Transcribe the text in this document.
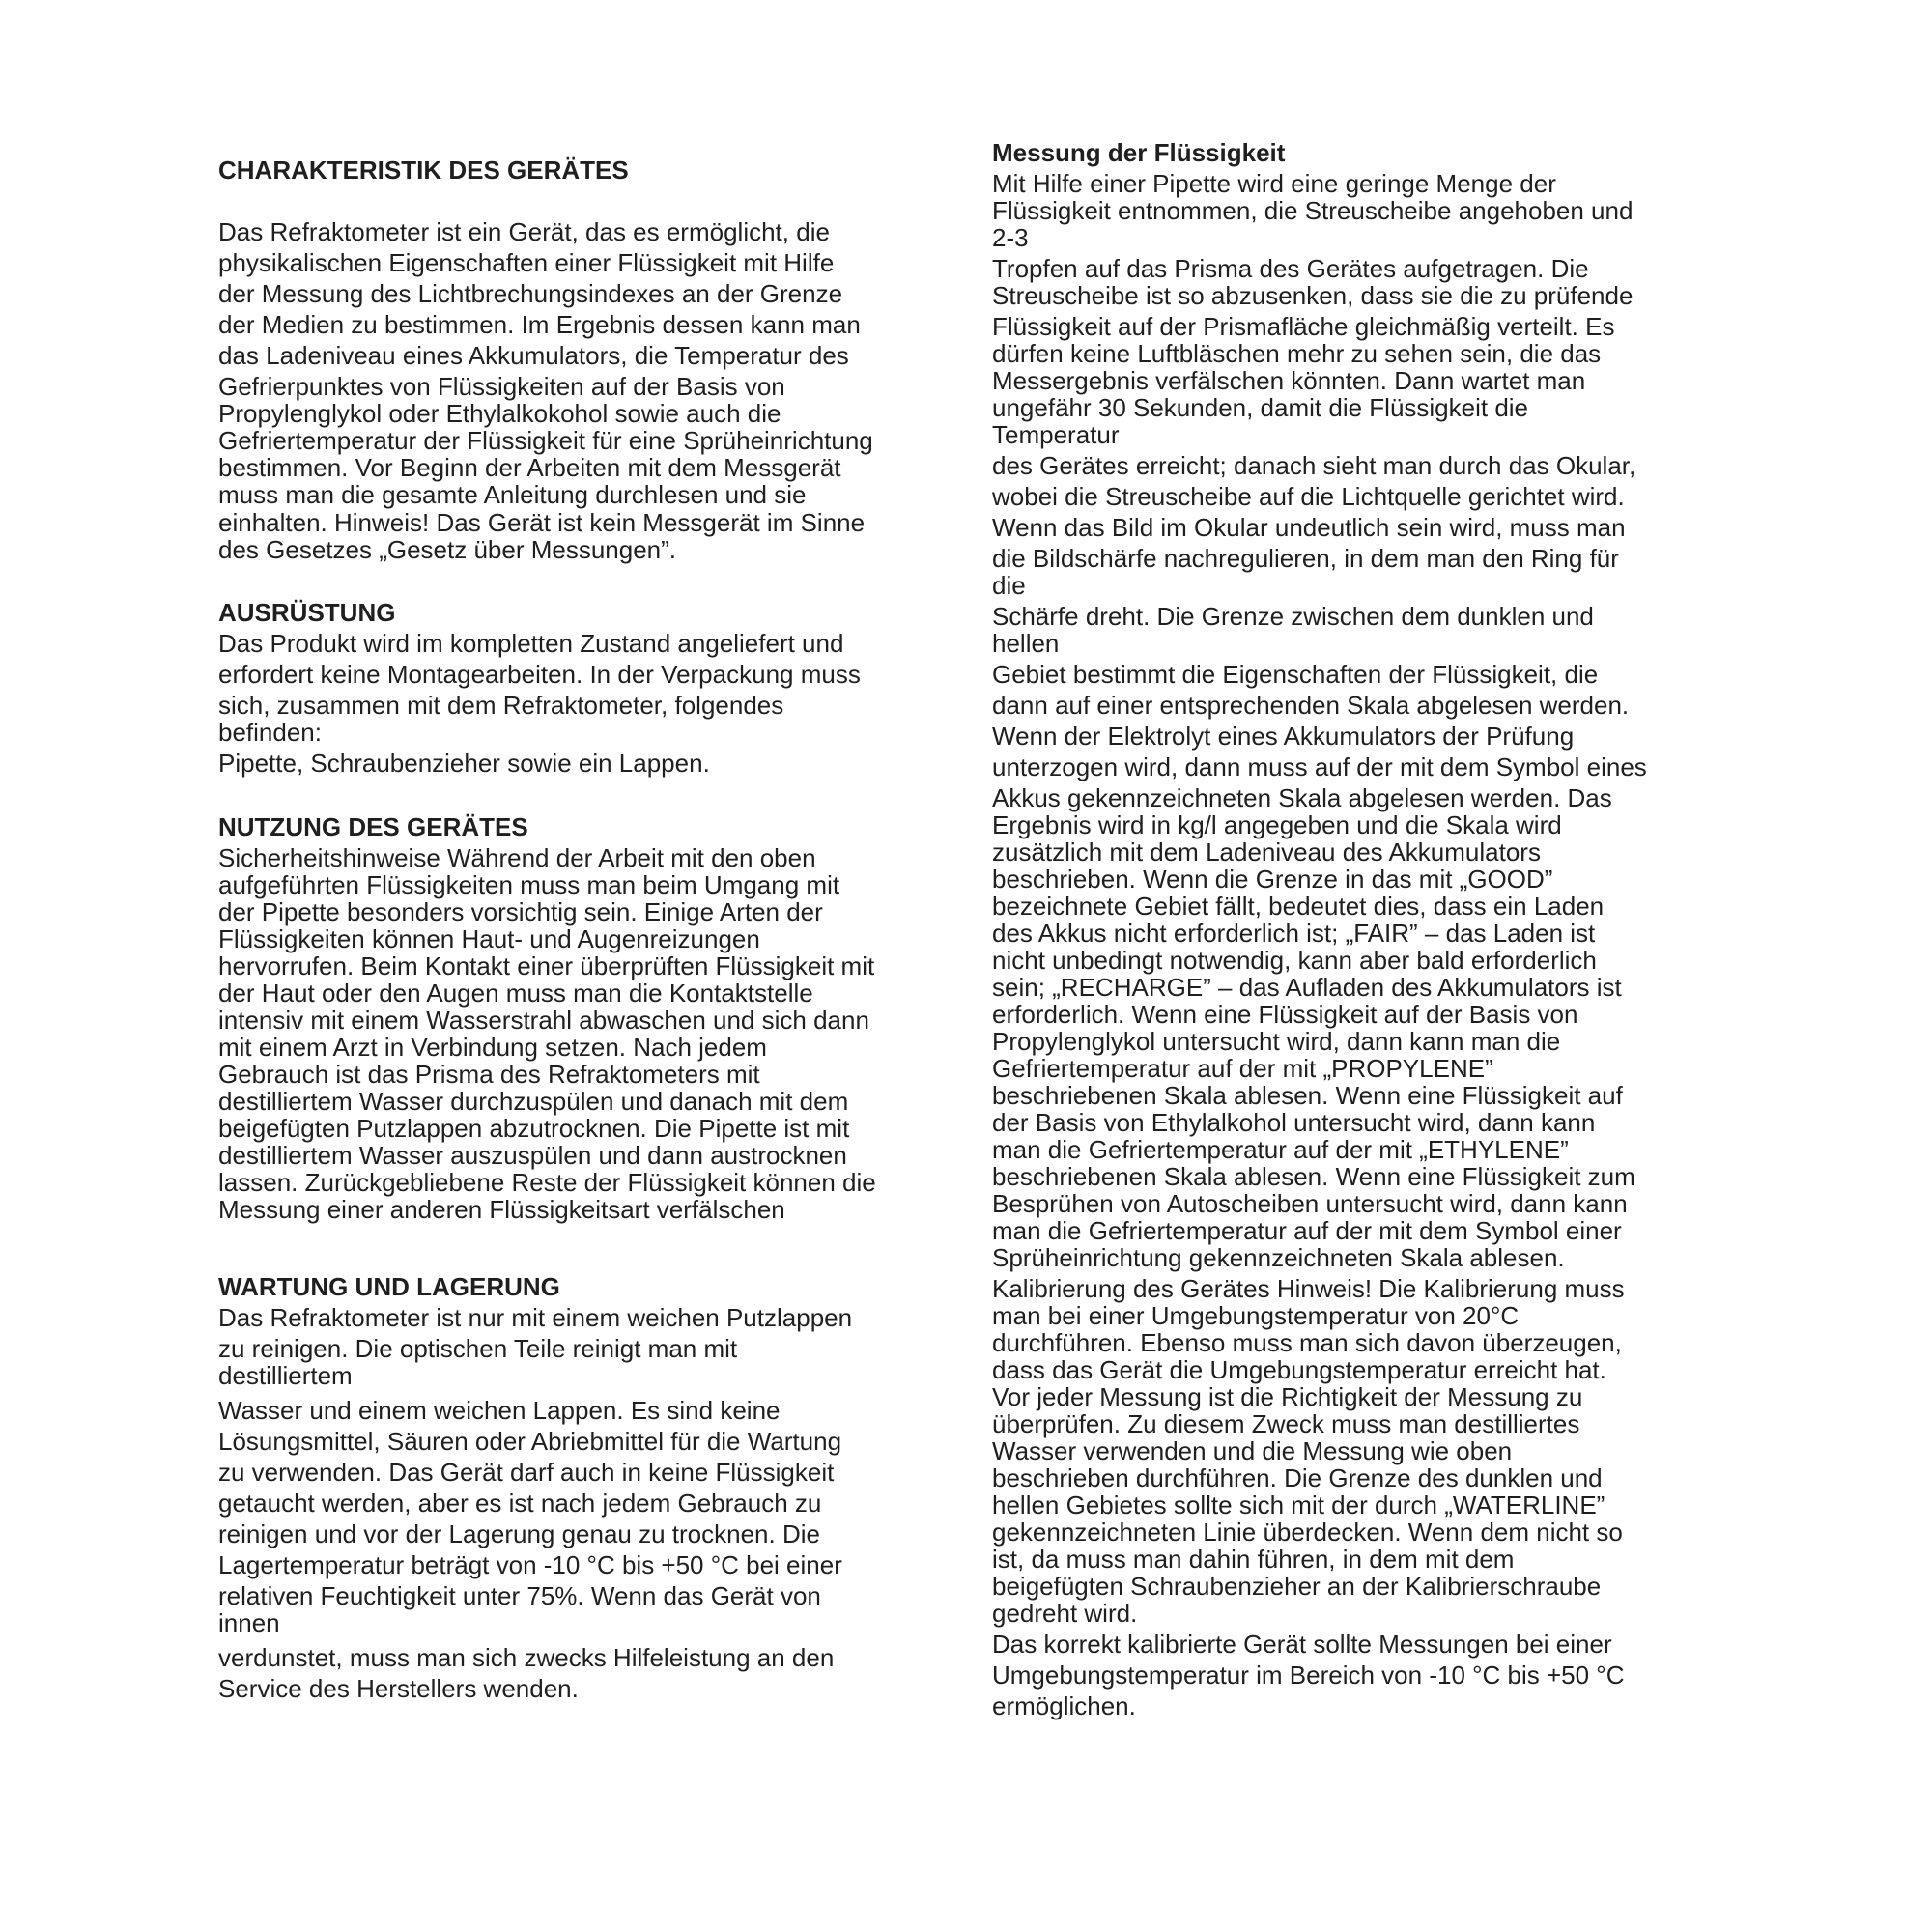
CHARAKTERISTIK DES GERÄTES
Das Refraktometer ist ein Gerät, das es ermöglicht, die
physikalischen Eigenschaften einer Flüssigkeit mit Hilfe
der Messung des Lichtbrechungsindexes an der Grenze
der Medien zu bestimmen. Im Ergebnis dessen kann man
das Ladeniveau eines Akkumulators, die Temperatur des
Gefrierpunktes von Flüssigkeiten auf der Basis von
Propylenglykol oder Ethylalkokohol sowie auch die
Gefriertemperatur der Flüssigkeit für eine Sprüheinrichtung
bestimmen. Vor Beginn der Arbeiten mit dem Messgerät
muss man die gesamte Anleitung durchlesen und sie
einhalten. Hinweis! Das Gerät ist kein Messgerät im Sinne
des Gesetzes „Gesetz über Messungen”.
AUSRÜSTUNG
Das Produkt wird im kompletten Zustand angeliefert und
erfordert keine Montagearbeiten. In der Verpackung muss
sich, zusammen mit dem Refraktometer, folgendes
befinden:
Pipette, Schraubenzieher sowie ein Lappen.
NUTZUNG DES GERÄTES
Sicherheitshinweise Während der Arbeit mit den oben
aufgeführten Flüssigkeiten muss man beim Umgang mit
der Pipette besonders vorsichtig sein. Einige Arten der
Flüssigkeiten können Haut- und Augenreizungen
hervorrufen. Beim Kontakt einer überprüften Flüssigkeit mit
der Haut oder den Augen muss man die Kontaktstelle
intensiv mit einem Wasserstrahl abwaschen und sich dann
mit einem Arzt in Verbindung setzen. Nach jedem
Gebrauch ist das Prisma des Refraktometers mit
destilliertem Wasser durchzuspülen und danach mit dem
beigefügten Putzlappen abzutrocknen. Die Pipette ist mit
destilliertem Wasser auszuspülen und dann austrocknen
lassen. Zurückgebliebene Reste der Flüssigkeit können die
Messung einer anderen Flüssigkeitsart verfälschen
WARTUNG UND LAGERUNG
Das Refraktometer ist nur mit einem weichen Putzlappen
zu reinigen. Die optischen Teile reinigt man mit
destilliertem
Wasser und einem weichen Lappen. Es sind keine
Lösungsmittel, Säuren oder Abriebmittel für die Wartung
zu verwenden. Das Gerät darf auch in keine Flüssigkeit
getaucht werden, aber es ist nach jedem Gebrauch zu
reinigen und vor der Lagerung genau zu trocknen. Die
Lagertemperatur beträgt von -10 °C bis +50 °C bei einer
relativen Feuchtigkeit unter 75%. Wenn das Gerät von
innen
verdunstet, muss man sich zwecks Hilfeleistung an den
Service des Herstellers wenden.
Messung der Flüssigkeit
Mit Hilfe einer Pipette wird eine geringe Menge der
Flüssigkeit entnommen, die Streuscheibe angehoben und
2-3
Tropfen auf das Prisma des Gerätes aufgetragen. Die
Streuscheibe ist so abzusenken, dass sie die zu prüfende
Flüssigkeit auf der Prismafläche gleichmäßig verteilt. Es
dürfen keine Luftbläschen mehr zu sehen sein, die das
Messergebnis verfälschen könnten. Dann wartet man
ungefähr 30 Sekunden, damit die Flüssigkeit die
Temperatur
des Gerätes erreicht; danach sieht man durch das Okular,
wobei die Streuscheibe auf die Lichtquelle gerichtet wird.
Wenn das Bild im Okular undeutlich sein wird, muss man
die Bildschärfe nachregulieren, in dem man den Ring für
die
Schärfe dreht. Die Grenze zwischen dem dunklen und
hellen
Gebiet bestimmt die Eigenschaften der Flüssigkeit, die
dann auf einer entsprechenden Skala abgelesen werden.
Wenn der Elektrolyt eines Akkumulators der Prüfung
unterzogen wird, dann muss auf der mit dem Symbol eines
Akkus gekennzeichneten Skala abgelesen werden. Das
Ergebnis wird in kg/l angegeben und die Skala wird
zusätzlich mit dem Ladeniveau des Akkumulators
beschrieben. Wenn die Grenze in das mit „GOOD”
bezeichnete Gebiet fällt, bedeutet dies, dass ein Laden
des Akkus nicht erforderlich ist; „FAIR” – das Laden ist
nicht unbedingt notwendig, kann aber bald erforderlich
sein; „RECHARGE” – das Aufladen des Akkumulators ist
erforderlich. Wenn eine Flüssigkeit auf der Basis von
Propylenglykol untersucht wird, dann kann man die
Gefriertemperatur auf der mit „PROPYLENE”
beschriebenen Skala ablesen. Wenn eine Flüssigkeit auf
der Basis von Ethylalkohol untersucht wird, dann kann
man die Gefriertemperatur auf der mit „ETHYLENE”
beschriebenen Skala ablesen. Wenn eine Flüssigkeit zum
Besprühen von Autoscheiben untersucht wird, dann kann
man die Gefriertemperatur auf der mit dem Symbol einer
Sprüheinrichtung gekennzeichneten Skala ablesen.
Kalibrierung des Gerätes Hinweis! Die Kalibrierung muss
man bei einer Umgebungstemperatur von 20°C
durchführen. Ebenso muss man sich davon überzeugen,
dass das Gerät die Umgebungstemperatur erreicht hat.
Vor jeder Messung ist die Richtigkeit der Messung zu
überprüfen. Zu diesem Zweck muss man destilliertes
Wasser verwenden und die Messung wie oben
beschrieben durchführen. Die Grenze des dunklen und
hellen Gebietes sollte sich mit der durch „WATERLINE”
gekennzeichneten Linie überdecken. Wenn dem nicht so
ist, da muss man dahin führen, in dem mit dem
beigefügten Schraubenzieher an der Kalibrierschraube
gedreht wird.
Das korrekt kalibrierte Gerät sollte Messungen bei einer
Umgebungstemperatur im Bereich von -10 °C bis +50 °C
ermöglichen.
